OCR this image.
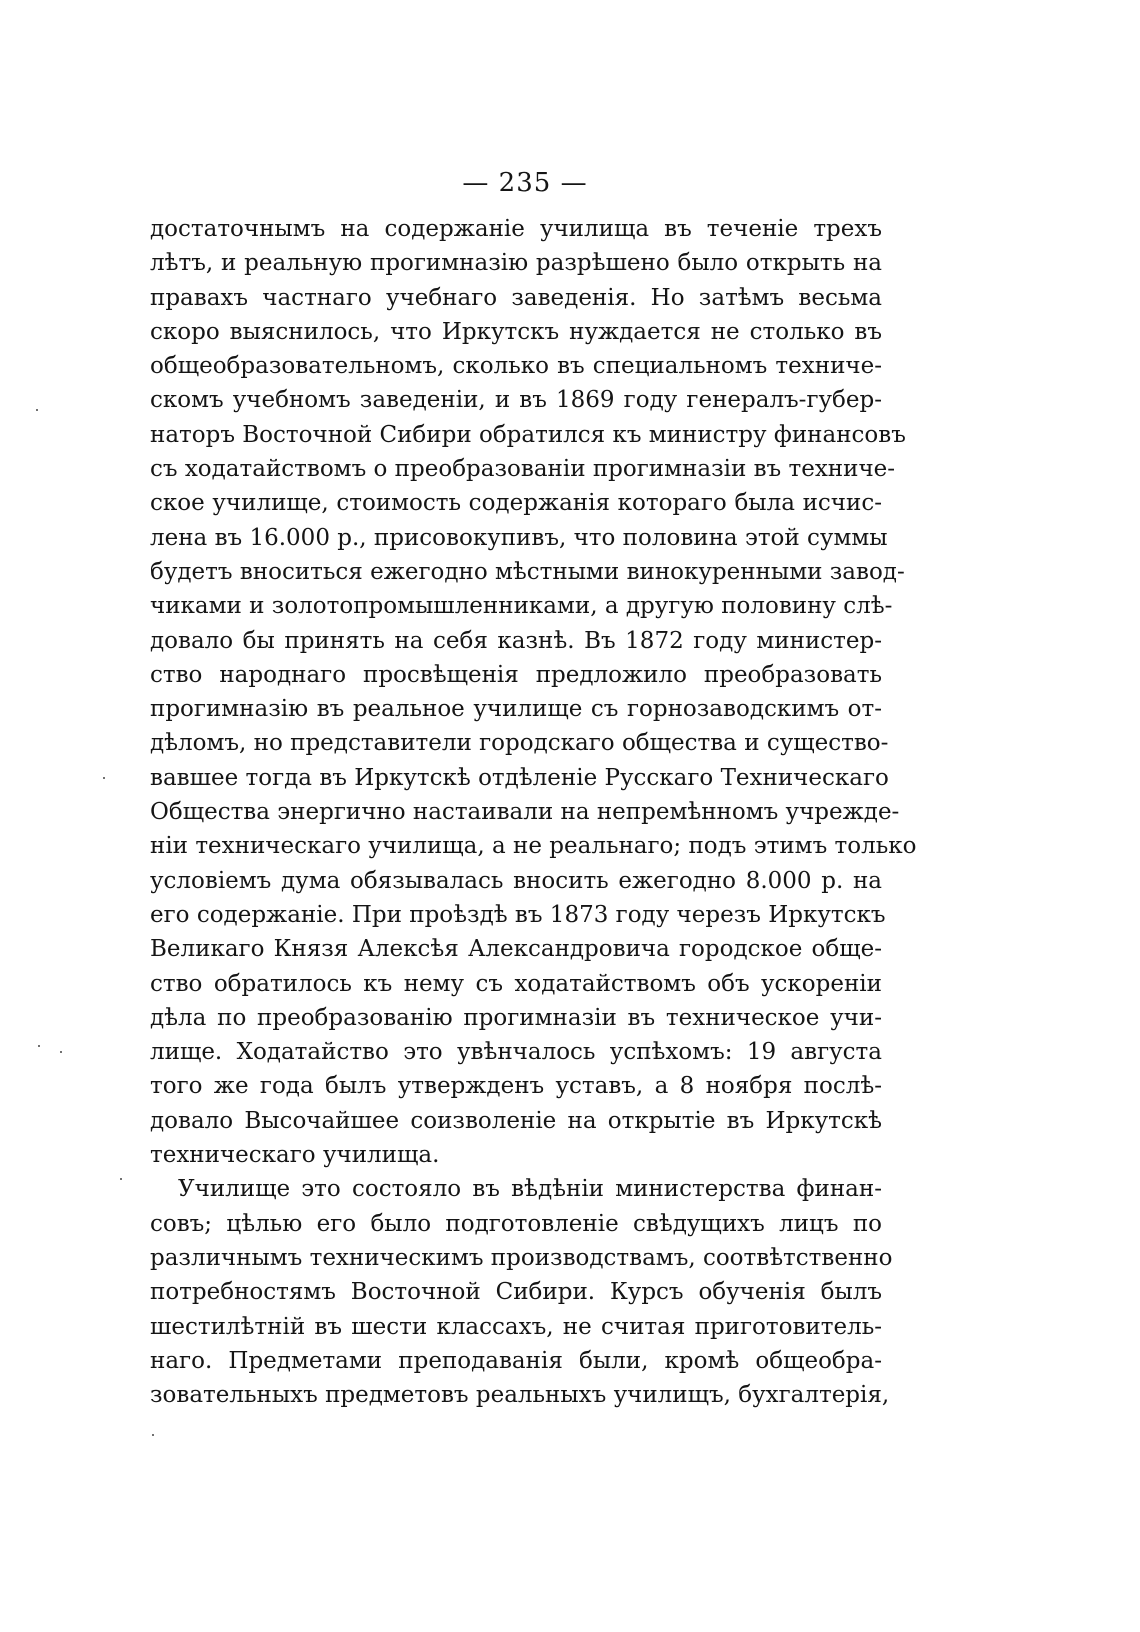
— 235 —
достаточнымъ на содержанiе училища въ теченiе трехъ
лѣтъ, и реальную прогимназiю разрѣшено было открыть на
правахъ частнаго учебнаго заведенiя. Но затѣмъ весьма
скоро выяснилось, что Иркутскъ нуждается не столько въ
общеобразовательномъ, сколько въ специальномъ техниче-
скомъ учебномъ заведенiи, и въ 1869 году генералъ-губер-
наторъ Восточной Сибири обратился къ министру финансовъ
съ ходатайствомъ о преобразованiи прогимназiи въ техниче-
ское училище, стоимость содержанiя котораго была исчис-
лена въ 16.000 р., присовокупивъ, что половина этой суммы
будетъ вноситься ежегодно мѣстными винокуренными завод-
чиками и золотопромышленниками, а другую половину слѣ-
довало бы принять на себя казнѣ. Въ 1872 году министер-
ство народнаго просвѣщенiя предложило преобразовать
прогимназiю въ реальное училище съ горнозаводскимъ от-
дѣломъ, но представители городскаго общества и существо-
вавшее тогда въ Иркутскѣ отдѣленiе Русскаго Техническаго
Общества энергично настаивали на непремѣнномъ учрежде-
нiи техническаго училища, а не реальнаго; подъ этимъ только
условiемъ дума обязывалась вносить ежегодно 8.000 р. на
его содержанiе. При проѣздѣ въ 1873 году черезъ Иркутскъ
Великаго Князя Алексѣя Александровича городское обще-
ство обратилось къ нему съ ходатайствомъ объ ускоренiи
дѣла по преобразованiю прогимназiи въ техническое учи-
лище. Ходатайство это увѣнчалось успѣхомъ: 19 августа
того же года былъ утвержденъ уставъ, а 8 ноября послѣ-
довало Высочайшее соизволенiе на открытiе въ Иркутскѣ
техническаго училища.
Училище это состояло въ вѣдѣнiи министерства финан-
совъ; цѣлью его было подготовленiе свѣдущихъ лицъ по
различнымъ техническимъ производствамъ, соотвѣтственно
потребностямъ Восточной Сибири. Курсъ обученiя былъ
шестилѣтнiй въ шести классахъ, не считая приготовитель-
наго. Предметами преподаванiя были, кромѣ общеобра-
зовательныхъ предметовъ реальныхъ училищъ, бухгалтерiя,
